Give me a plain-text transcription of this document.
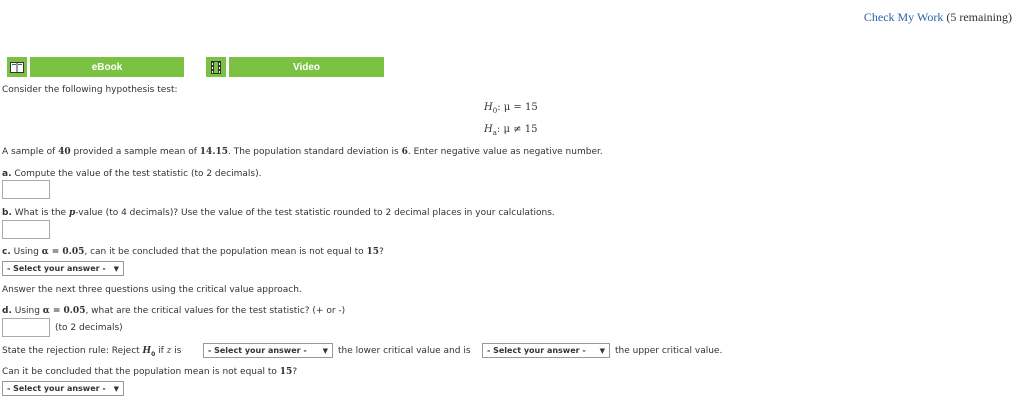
Check My Work (5 remaining)
eBook	Video
Consider the following hypothesis test:
$H_0$: μ = 15
$H_a$: μ ≠ 15
A sample of 40 provided a sample mean of 14.15. The population standard deviation is 6. Enter negative value as negative number.
a. Compute the value of the test statistic (to 2 decimals).
b. What is the p-value (to 4 decimals)? Use the value of the test statistic rounded to 2 decimal places in your calculations.
c. Using α = 0.05, can it be concluded that the population mean is not equal to 15?
- Select your answer - ▼
Answer the next three questions using the critical value approach.
d. Using α = 0.05, what are the critical values for the test statistic? (+ or -)
(to 2 decimals)
State the rejection rule: Reject $H_0$ if z is	- Select your answer - ▼ the lower critical value and is - Select your answer - ▼ the upper critical value.
Can it be concluded that the population mean is not equal to 15?
- Select your answer - ▼
